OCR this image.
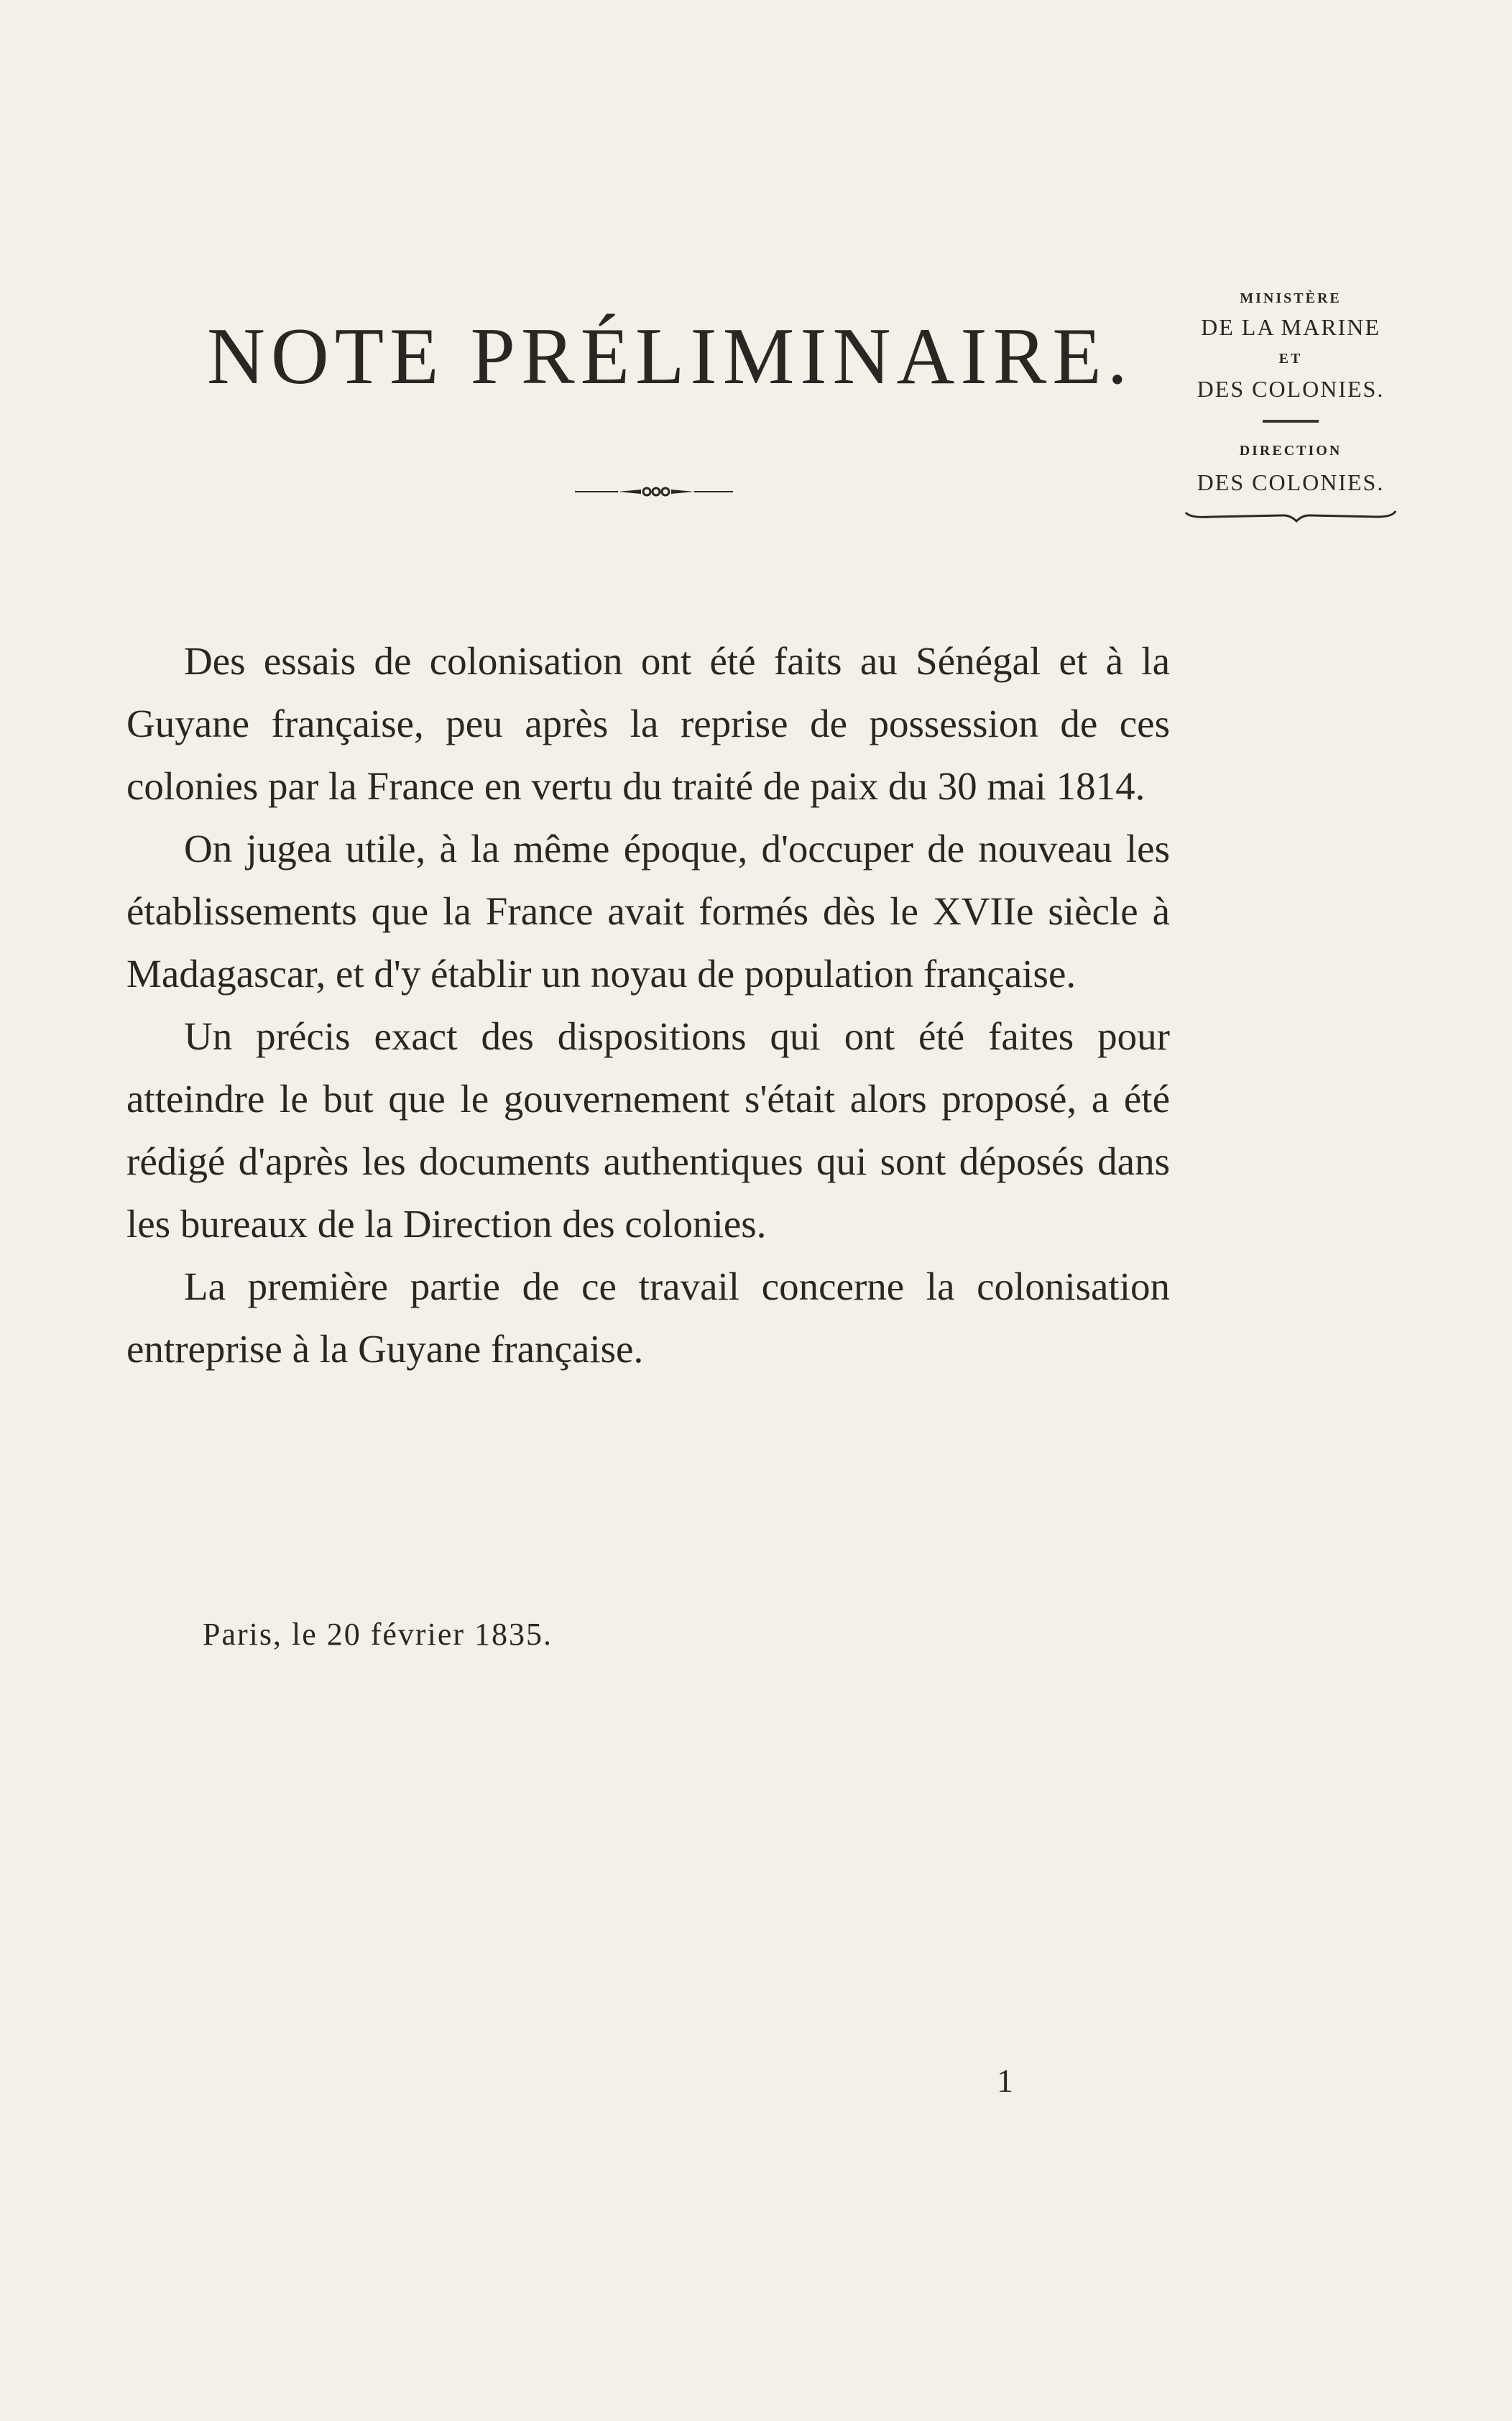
NOTE PRÉLIMINAIRE.
MINISTÈRE
DE LA MARINE
ET
DES COLONIES.
DIRECTION
DES COLONIES.

Des essais de colonisation ont été faits au Sénégal et à la Guyane française, peu après la reprise de possession de ces colonies par la France en vertu du traité de paix du 30 mai 1814.

On jugea utile, à la même époque, d'occuper de nouveau les établissements que la France avait formés dès le XVIIe siècle à Madagascar, et d'y établir un noyau de population française.

Un précis exact des dispositions qui ont été faites pour atteindre le but que le gouvernement s'était alors proposé, a été rédigé d'après les documents authentiques qui sont déposés dans les bureaux de la Direction des colonies.

La première partie de ce travail concerne la colonisation entreprise à la Guyane française.

Paris, le 20 février 1835.
1
